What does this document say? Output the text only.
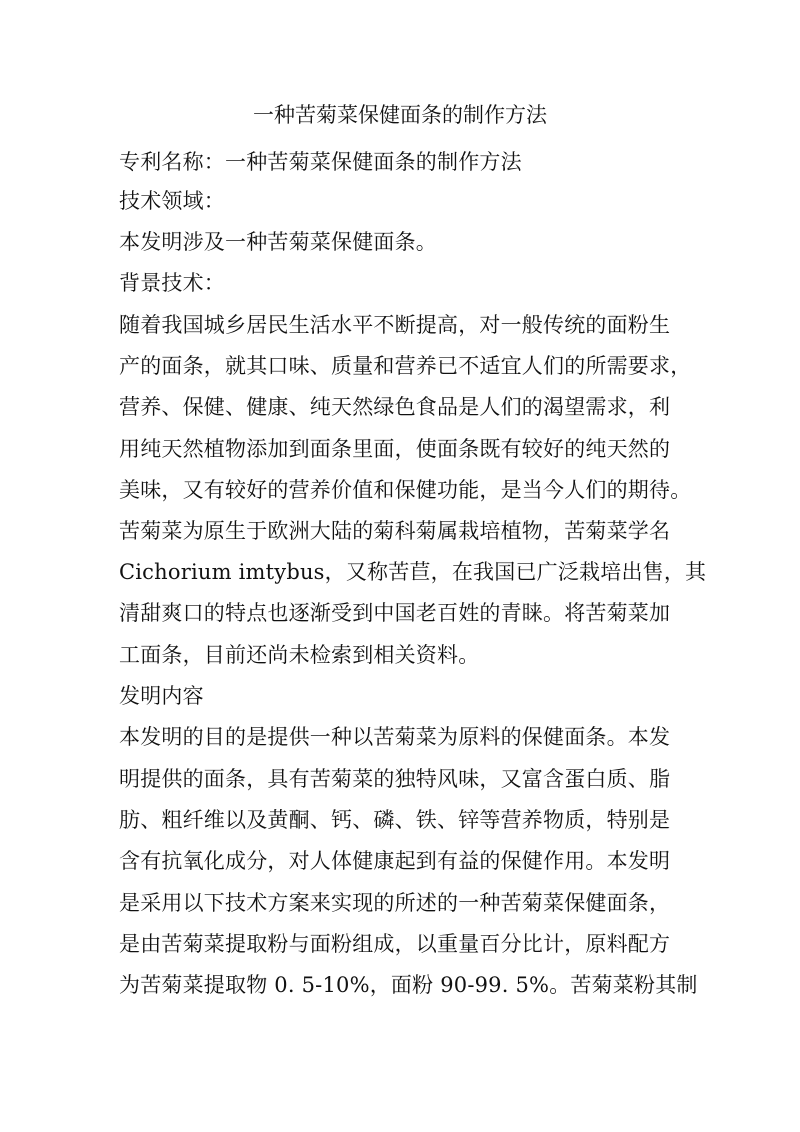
一种苦菊菜保健面条的制作方法
专利名称：一种苦菊菜保健面条的制作方法
技术领域：
本发明涉及一种苦菊菜保健面条。
背景技术：
随着我国城乡居民生活水平不断提高，对一般传统的面粉生
产的面条，就其口味、质量和营养已不适宜人们的所需要求，
营养、保健、健康、纯天然绿色食品是人们的渴望需求，利
用纯天然植物添加到面条里面，使面条既有较好的纯天然的
美味，又有较好的营养价值和保健功能，是当今人们的期待。
苦菊菜为原生于欧洲大陆的菊科菊属栽培植物，苦菊菜学名
Cichorium imtybus，又称苦苣，在我国已广泛栽培出售，其
清甜爽口的特点也逐渐受到中国老百姓的青睐。将苦菊菜加
工面条，目前还尚未检索到相关资料。
发明内容
本发明的目的是提供一种以苦菊菜为原料的保健面条。本发
明提供的面条，具有苦菊菜的独特风味，又富含蛋白质、脂
肪、粗纤维以及黄酮、钙、磷、铁、锌等营养物质，特别是
含有抗氧化成分，对人体健康起到有益的保健作用。本发明
是采用以下技术方案来实现的所述的一种苦菊菜保健面条，
是由苦菊菜提取粉与面粉组成，以重量百分比计，原料配方
为苦菊菜提取物 0. 5-10%，面粉 90-99. 5%。苦菊菜粉其制
